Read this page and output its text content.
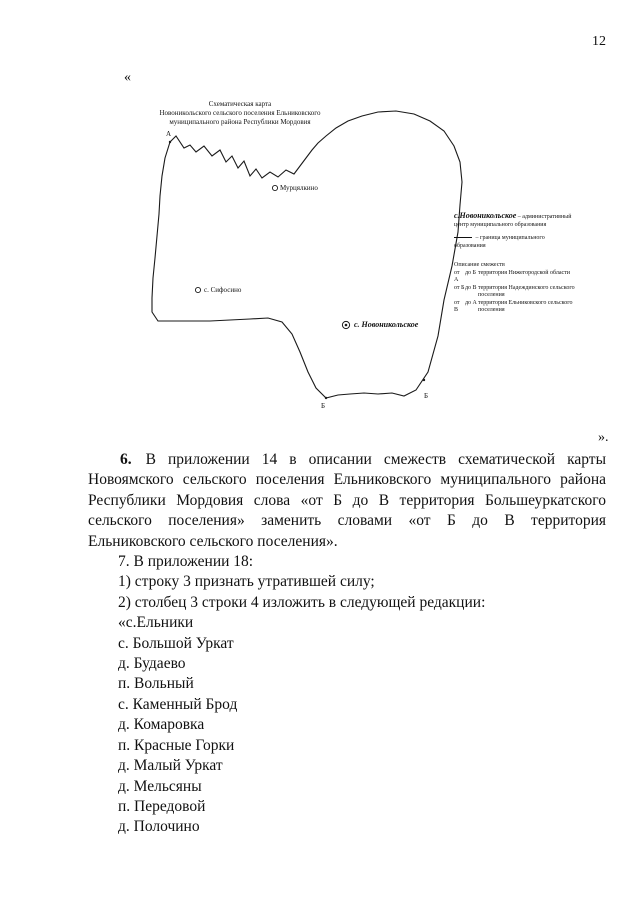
12
«
Схематическая карта
Новоникольского сельского поселения Ельниковского
муниципального района Республики Мордовия
А
Б
Б
Мурцялкино
с. Сифосино
с. Новоникольское
с.Новоникольское – административный центр муниципального образования
– граница муниципального образования
Описание смежеств
от А
до Б территория Нижегородской области
от Б до В территория Надеждинского сельского поселения
от В
до А территория Ельниковского сельского поселения
».

6. В приложении 14 в описании смежеств схематической карты Новоямского сельского поселения Ельниковского муниципального района Республики Мордовия слова «от Б до В территория Большеуркатского сельского поселения» заменить словами «от Б до В территория Ельниковского сельского поселения».

7. В приложении 18:
1) строку 3 признать утратившей силу;
2) столбец 3 строки 4 изложить в следующей редакции:
«с.Ельники
с. Большой Уркат
д. Будаево
п. Вольный
с. Каменный Брод
д. Комаровка
п. Красные Горки
д. Малый Уркат
д. Мельсяны
п. Передовой
д. Полочино
